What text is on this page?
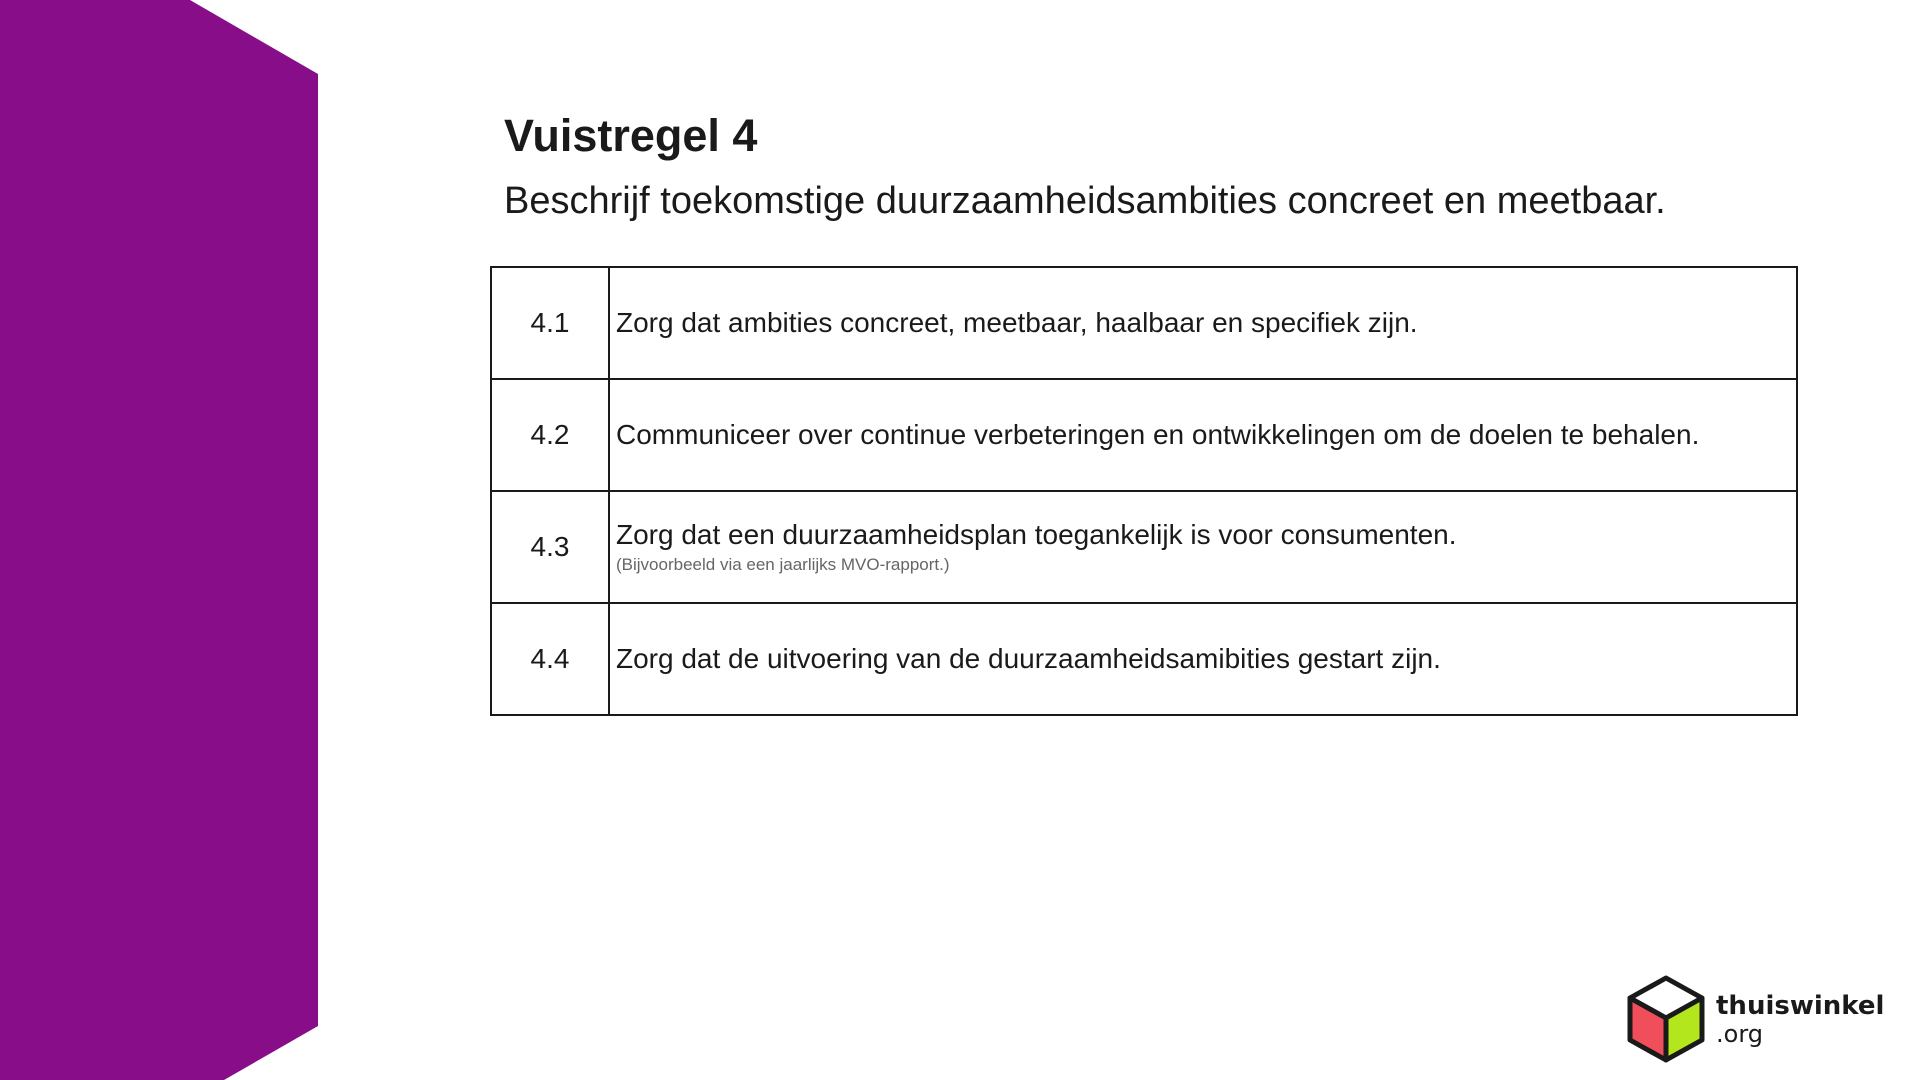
Vuistregel 4

Beschrijf toekomstige duurzaamheidsambities concreet en meetbaar.

4.1	Zorg dat ambities concreet, meetbaar, haalbaar en specifiek zijn.
4.2	Communiceer over continue verbeteringen en ontwikkelingen om de doelen te behalen.
4.3	Zorg dat een duurzaamheidsplan toegankelijk is voor consumenten.
(Bijvoorbeeld via een jaarlijks MVO-rapport.)

4.4	Zorg dat de uitvoering van de duurzaamheidsamibities gestart zijn.
thuiswinkel
.org
